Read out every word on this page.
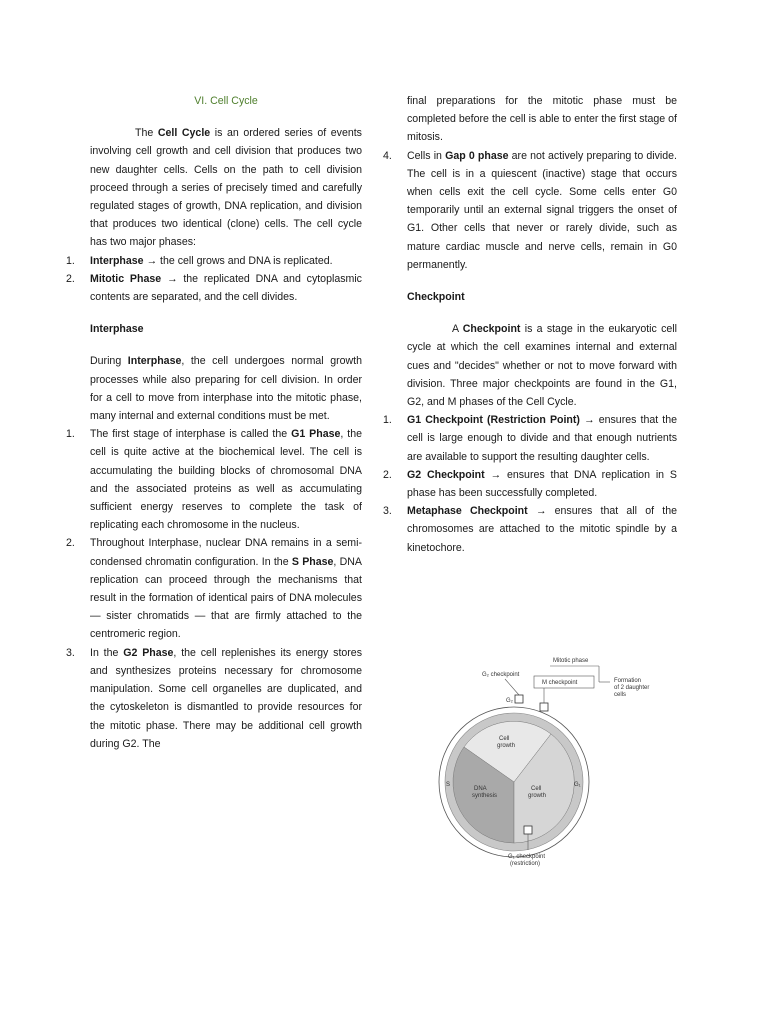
VI. Cell Cycle

The Cell Cycle is an ordered series of events involving cell growth and cell division that produces two new daughter cells. Cells on the path to cell division proceed through a series of precisely timed and carefully regulated stages of growth, DNA replication, and division that produces two identical (clone) cells. The cell cycle has two major phases:

1. Interphase → the cell grows and DNA is replicated.
2. Mitotic Phase → the replicated DNA and cytoplasmic contents are separated, and the cell divides.

Interphase

During Interphase, the cell undergoes normal growth processes while also preparing for cell division. In order for a cell to move from interphase into the mitotic phase, many internal and external conditions must be met.

1. The first stage of interphase is called the G1 Phase, the cell is quite active at the biochemical level. The cell is accumulating the building blocks of chromosomal DNA and the associated proteins as well as accumulating sufficient energy reserves to complete the task of replicating each chromosome in the nucleus.
2. Throughout Interphase, nuclear DNA remains in a semi-condensed chromatin configuration. In the S Phase, DNA replication can proceed through the mechanisms that result in the formation of identical pairs of DNA molecules — sister chromatids — that are firmly attached to the centromeric region.
3. In the G2 Phase, the cell replenishes its energy stores and synthesizes proteins necessary for chromosome manipulation. Some cell organelles are duplicated, and the cytoskeleton is dismantled to provide resources for the mitotic phase. There may be additional cell growth during G2. The
final preparations for the mitotic phase must be completed before the cell is able to enter the first stage of mitosis.
4. Cells in Gap 0 phase are not actively preparing to divide. The cell is in a quiescent (inactive) stage that occurs when cells exit the cell cycle. Some cells enter G0 temporarily until an external signal triggers the onset of G1. Other cells that never or rarely divide, such as mature cardiac muscle and nerve cells, remain in G0 permanently.

Checkpoint

A Checkpoint is a stage in the eukaryotic cell cycle at which the cell examines internal and external cues and "decides" whether or not to move forward with division. Three major checkpoints are found in the G1, G2, and M phases of the Cell Cycle.

1. G1 Checkpoint (Restriction Point) → ensures that the cell is large enough to divide and that enough nutrients are available to support the resulting daughter cells.
2. G2 Checkpoint → ensures that DNA replication in S phase has been successfully completed.
3. Metaphase Checkpoint → ensures that all of the chromosomes are attached to the mitotic spindle by a kinetochore.
Mitotic phase
G₂ checkpoint
M checkpoint	Formation
of 2 daughter
cells
G₂
Cell
growth
DNA
synthesis
Cell
growth
S	G₁
G₁ checkpoint
(restriction)
